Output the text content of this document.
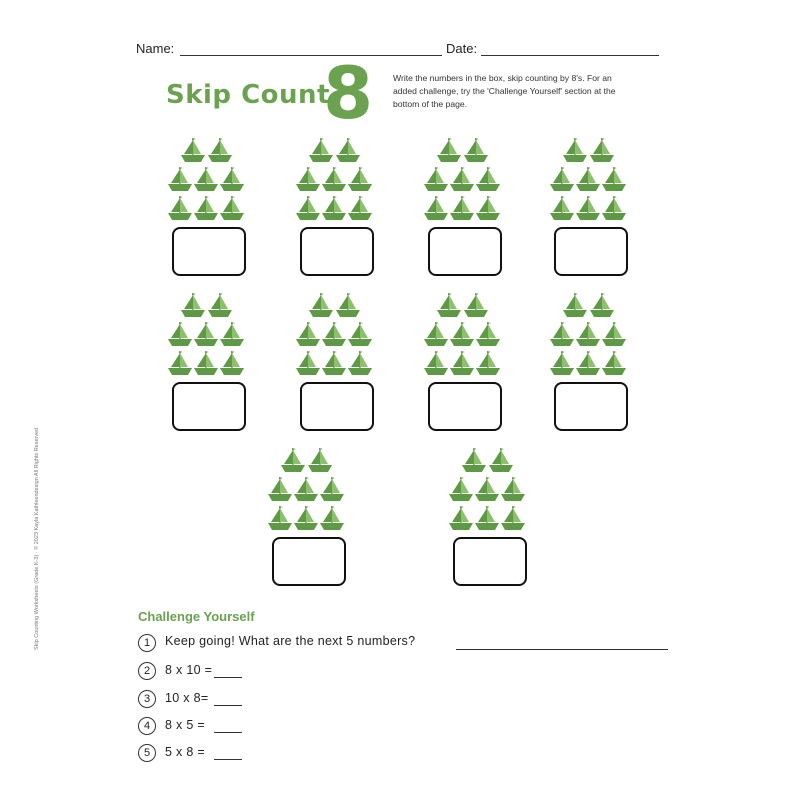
Name:	Date:
Skip Count
8 Write the numbers in the box, skip counting by 8's. For an added challenge, try the 'Challenge Yourself' section at the bottom of the page.
Challenge Yourself
1	Keep going! What are the next 5 numbers?
2	8 x 10 =
3	10 x 8=
4	8 x 5 =
5	5 x 8 =
Skip Counting Worksheets (Grade K-3) · © 2023 Kayla Kathleendesign All Rights Reserved
